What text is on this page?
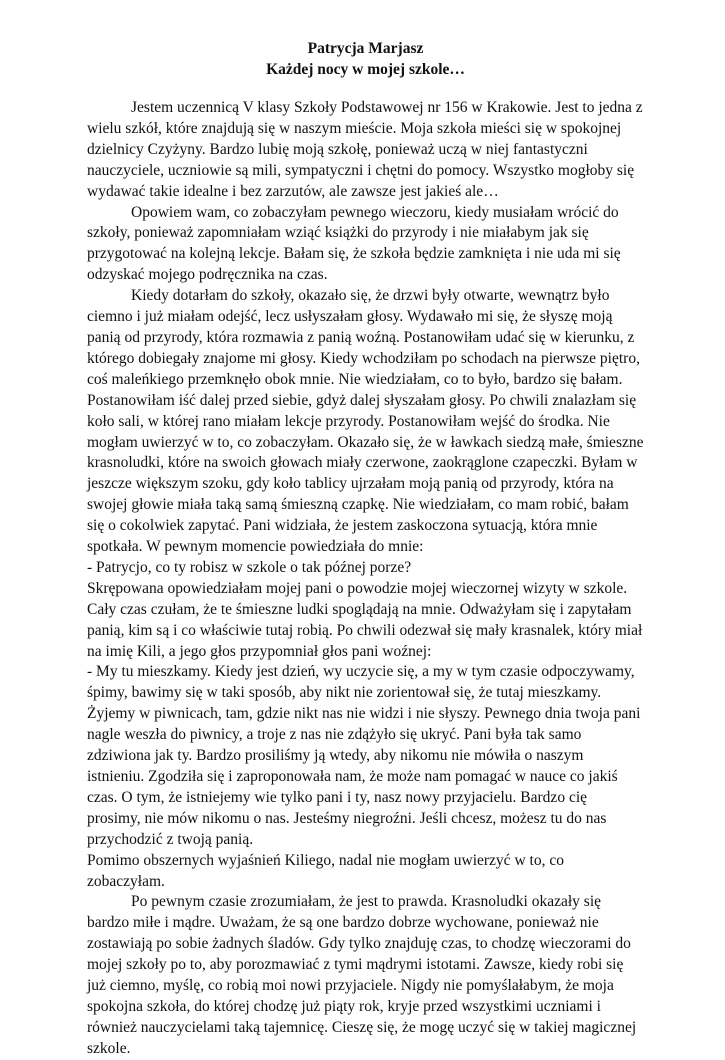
Patrycja Marjasz
Każdej nocy w mojej szkole…

Jestem uczennicą V klasy Szkoły Podstawowej nr 156 w Krakowie. Jest to jedna z wielu szkół, które znajdują się w naszym mieście. Moja szkoła mieści się w spokojnej dzielnicy Czyżyny. Bardzo lubię moją szkołę, ponieważ uczą w niej fantastyczni nauczyciele, uczniowie są mili, sympatyczni i chętni do pomocy. Wszystko mogłoby się wydawać takie idealne i bez zarzutów, ale zawsze jest jakieś ale…

Opowiem wam, co zobaczyłam pewnego wieczoru, kiedy musiałam wrócić do szkoły, ponieważ zapomniałam wziąć książki do przyrody i nie miałabym jak się przygotować na kolejną lekcje. Bałam się, że szkoła będzie zamknięta i nie uda mi się odzyskać mojego podręcznika na czas.

Kiedy dotarłam do szkoły, okazało się, że drzwi były otwarte, wewnątrz było ciemno i już miałam odejść, lecz usłyszałam głosy. Wydawało mi się, że słyszę moją panią od przyrody, która rozmawia z panią woźną. Postanowiłam udać się w kierunku, z którego dobiegały znajome mi głosy. Kiedy wchodziłam po schodach na pierwsze piętro, coś maleńkiego przemknęło obok mnie. Nie wiedziałam, co to było, bardzo się bałam. Postanowiłam iść dalej przed siebie, gdyż dalej słyszałam głosy. Po chwili znalazłam się koło sali, w której rano miałam lekcje przyrody. Postanowiłam wejść do środka. Nie mogłam uwierzyć w to, co zobaczyłam. Okazało się, że w ławkach siedzą małe, śmieszne krasnoludki, które na swoich głowach miały czerwone, zaokrąglone czapeczki. Byłam w jeszcze większym szoku, gdy koło tablicy ujrzałam moją panią od przyrody, która na swojej głowie miała taką samą śmieszną czapkę. Nie wiedziałam, co mam robić, bałam się o cokolwiek zapytać. Pani widziała, że jestem zaskoczona sytuacją, która mnie spotkała. W pewnym momencie powiedziała do mnie:

- Patrycjo, co ty robisz w szkole o tak późnej porze?

Skrępowana opowiedziałam mojej pani o powodzie mojej wieczornej wizyty w szkole. Cały czas czułam, że te śmieszne ludki spoglądają na mnie. Odważyłam się i zapytałam panią, kim są i co właściwie tutaj robią. Po chwili odezwał się mały krasnalek, który miał na imię Kili, a jego głos przypomniał głos pani woźnej:

- My tu mieszkamy. Kiedy jest dzień, wy uczycie się, a my w tym czasie odpoczywamy, śpimy, bawimy się w taki sposób, aby nikt nie zorientował się, że tutaj mieszkamy. Żyjemy w piwnicach, tam, gdzie nikt nas nie widzi i nie słyszy. Pewnego dnia twoja pani nagle weszła do piwnicy, a troje z nas nie zdążyło się ukryć. Pani była tak samo zdziwiona jak ty. Bardzo prosiliśmy ją wtedy, aby nikomu nie mówiła o naszym istnieniu. Zgodziła się i zaproponowała nam, że może nam pomagać w nauce co jakiś czas. O tym, że istniejemy wie tylko pani i ty, nasz nowy przyjacielu. Bardzo cię prosimy, nie mów nikomu o nas. Jesteśmy niegroźni. Jeśli chcesz, możesz tu do nas przychodzić z twoją panią.

Pomimo obszernych wyjaśnień Kiliego, nadal nie mogłam uwierzyć w to, co zobaczyłam.

Po pewnym czasie zrozumiałam, że jest to prawda. Krasnoludki okazały się bardzo miłe i mądre. Uważam, że są one bardzo dobrze wychowane, ponieważ nie zostawiają po sobie żadnych śladów. Gdy tylko znajduję czas, to chodzę wieczorami do mojej szkoły po to, aby porozmawiać z tymi mądrymi istotami. Zawsze, kiedy robi się już ciemno, myślę, co robią moi nowi przyjaciele. Nigdy nie pomyślałabym, że moja spokojna szkoła, do której chodzę już piąty rok, kryje przed wszystkimi uczniami i również nauczycielami taką tajemnicę. Cieszę się, że mogę uczyć się w takiej magicznej szkole.
